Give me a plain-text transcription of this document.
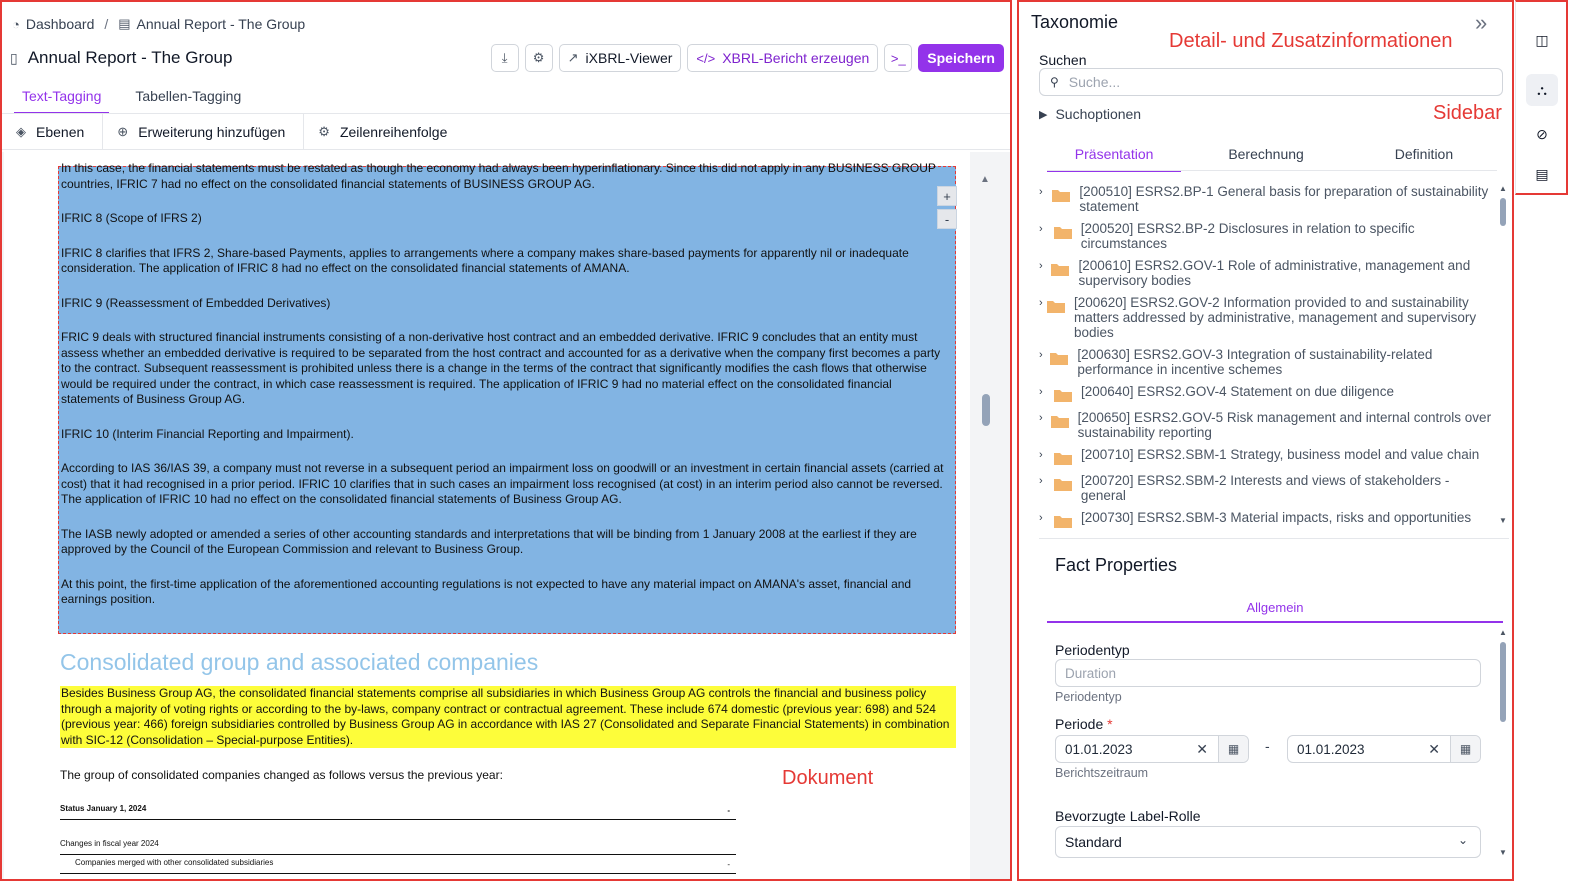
◔ Dashboard / ▤ Annual Report - The Group
▯ Annual Report - The Group	⤓ ⚙ ↗ iXBRL-Viewer </> XBRL-Bericht erzeugen >_	Speichern
Text-Tagging	Tabellen-Tagging
◈ Ebenen	⊕ Erweiterung hinzufügen	⚙ Zeilenreihenfolge

In this case, the financial statements must be restated as though the economy had always been hyperinflationary. Since this did not apply in any BUSINESS GROUP countries, IFRIC 7 had no effect on the consolidated financial statements of BUSINESS GROUP AG.

IFRIC 8 (Scope of IFRS 2)

IFRIC 8 clarifies that IFRS 2, Share-based Payments, applies to arrangements where a company makes share-based payments for apparently nil or inadequate consideration. The application of IFRIC 8 had no effect on the consolidated financial statements of AMANA.

IFRIC 9 (Reassessment of Embedded Derivatives)

FRIC 9 deals with structured financial instruments consisting of a non-derivative host contract and an embedded derivative. IFRIC 9 concludes that an entity must assess whether an embedded derivative is required to be separated from the host contract and accounted for as a derivative when the company first becomes a party to the contract. Subsequent reassessment is prohibited unless there is a change in the terms of the contract that significantly modifies the cash flows that otherwise would be required under the contract, in which case reassessment is required. The application of IFRIC 9 had no material effect on the consolidated financial statements of Business Group AG.

IFRIC 10 (Interim Financial Reporting and Impairment).

According to IAS 36/IAS 39, a company must not reverse in a subsequent period an impairment loss on goodwill or an investment in certain financial assets (carried at cost) that it had recognised in a prior period. IFRIC 10 clarifies that in such cases an impairment loss recognised (at cost) in an interim period also cannot be reversed. The application of IFRIC 10 had no effect on the consolidated financial statements of Business Group AG.

The IASB newly adopted or amended a series of other accounting standards and interpretations that will be binding from 1 January 2008 at the earliest if they are approved by the Council of the European Commission and relevant to Business Group.

At this point, the first-time application of the aforementioned accounting regulations is not expected to have any material impact on AMANA's asset, financial and earnings position.

+
-
▲
Consolidated group and associated companies
Besides Business Group AG, the consolidated financial statements comprise all subsidiaries in which Business Group AG controls the financial and business policy through a majority of voting rights or according to the by-laws, company contract or contractual agreement. These include 674 domestic (previous year: 698) and 524 (previous year: 466) foreign subsidiaries controlled by Business Group AG in accordance with IAS 27 (Consolidated and Separate Financial Statements) in combination with SIC-12 (Consolidation – Special-purpose Entities).
The group of consolidated companies changed as follows versus the previous year:	Dokument
Status January 1, 2024	-
Changes in fiscal year 2024
Companies merged with other consolidated subsidiaries	-
Taxonomie	»
Detail- und Zusatzinformationen
Sidebar
Suchen
⚲ Suche...
▶ Suchoptionen
Präsentation	Berechnung	Definition
›	[200510] ESRS2.BP-1 General basis for preparation of sustainability statement
›	[200520] ESRS2.BP-2 Disclosures in relation to specific circumstances
›	[200610] ESRS2.GOV-1 Role of administrative, management and supervisory bodies
› [200620] ESRS2.GOV-2 Information provided to and sustainability matters addressed by administrative, management and supervisory bodies
›	[200630] ESRS2.GOV-3 Integration of sustainability-related performance in incentive schemes
›	[200640] ESRS2.GOV-4 Statement on due diligence
›	[200650] ESRS2.GOV-5 Risk management and internal controls over sustainability reporting
›	[200710] ESRS2.SBM-1 Strategy, business model and value chain
›	[200720] ESRS2.SBM-2 Interests and views of stakeholders - general
›	[200730] ESRS2.SBM-3 Material impacts, risks and opportunities
▲
▼
Fact Properties
Allgemein
Periodentyp
Duration
Periodentyp
Periode *
01.01.2023	✕	▦	- 01.01.2023	✕	▦
Berichtszeitraum
Bevorzugte Label-Rolle
Standard	⌄
▲
▼
◫
⛬
⊘
▤
